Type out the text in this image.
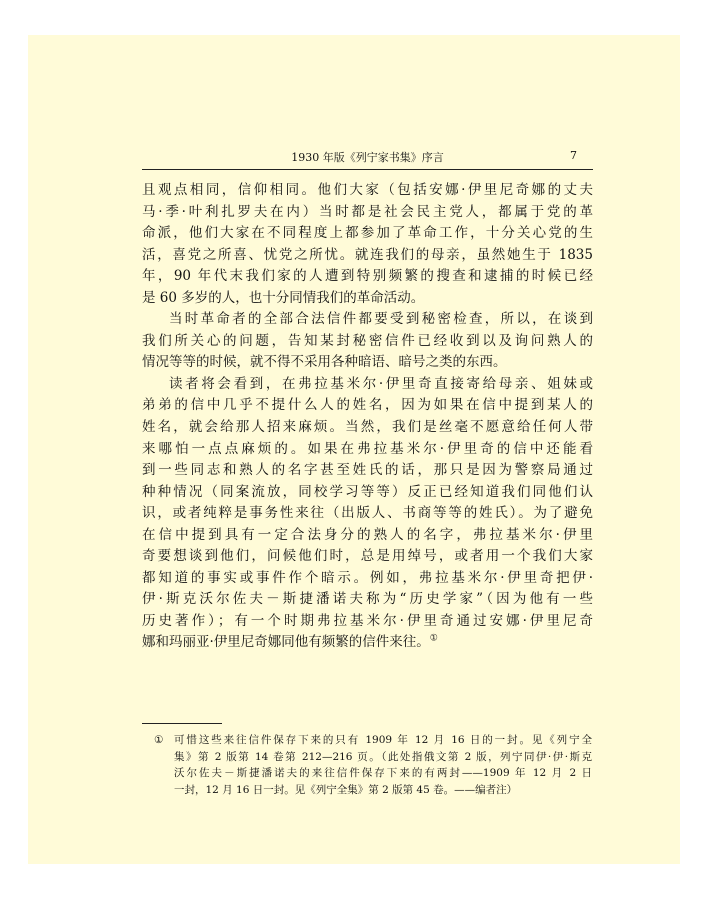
1930 年版《列宁家书集》序言	7
且观点相同，信仰相同。他们大家（包括安娜·伊里尼奇娜的丈夫
马·季·叶利扎罗夫在内）当时都是社会民主党人，都属于党的革
命派，他们大家在不同程度上都参加了革命工作，十分关心党的生
活，喜党之所喜、忧党之所忧。就连我们的母亲，虽然她生于 1835
年，90 年代末我们家的人遭到特别频繁的搜查和逮捕的时候已经
是 60 多岁的人，也十分同情我们的革命活动。
当时革命者的全部合法信件都要受到秘密检查，所以，在谈到
我们所关心的问题，告知某封秘密信件已经收到以及询问熟人的
情况等等的时候，就不得不采用各种暗语、暗号之类的东西。
读者将会看到，在弗拉基米尔·伊里奇直接寄给母亲、姐妹或
弟弟的信中几乎不提什么人的姓名，因为如果在信中提到某人的
姓名，就会给那人招来麻烦。当然，我们是丝毫不愿意给任何人带
来哪怕一点点麻烦的。如果在弗拉基米尔·伊里奇的信中还能看
到一些同志和熟人的名字甚至姓氏的话，那只是因为警察局通过
种种情况（同案流放，同校学习等等）反正已经知道我们同他们认
识，或者纯粹是事务性来往（出版人、书商等等的姓氏）。为了避免
在信中提到具有一定合法身分的熟人的名字，弗拉基米尔·伊里
奇要想谈到他们，问候他们时，总是用绰号，或者用一个我们大家
都知道的事实或事件作个暗示。例如，弗拉基米尔·伊里奇把伊·
伊·斯克沃尔佐夫－斯捷潘诺夫称为“历史学家”（因为他有一些
历史著作）；有一个时期弗拉基米尔·伊里奇通过安娜·伊里尼奇
娜和玛丽亚·伊里尼奇娜同他有频繁的信件来往。①
① 可惜这些来往信件保存下来的只有 1909 年 12 月 16 日的一封。见《列宁全
集》第 2 版第 14 卷第 212—216 页。（此处指俄文第 2 版，列宁同伊·伊·斯克
沃尔佐夫－斯捷潘诺夫的来往信件保存下来的有两封——1909 年 12 月 2 日
一封，12 月 16 日一封。见《列宁全集》第 2 版第 45 卷。——编者注）
